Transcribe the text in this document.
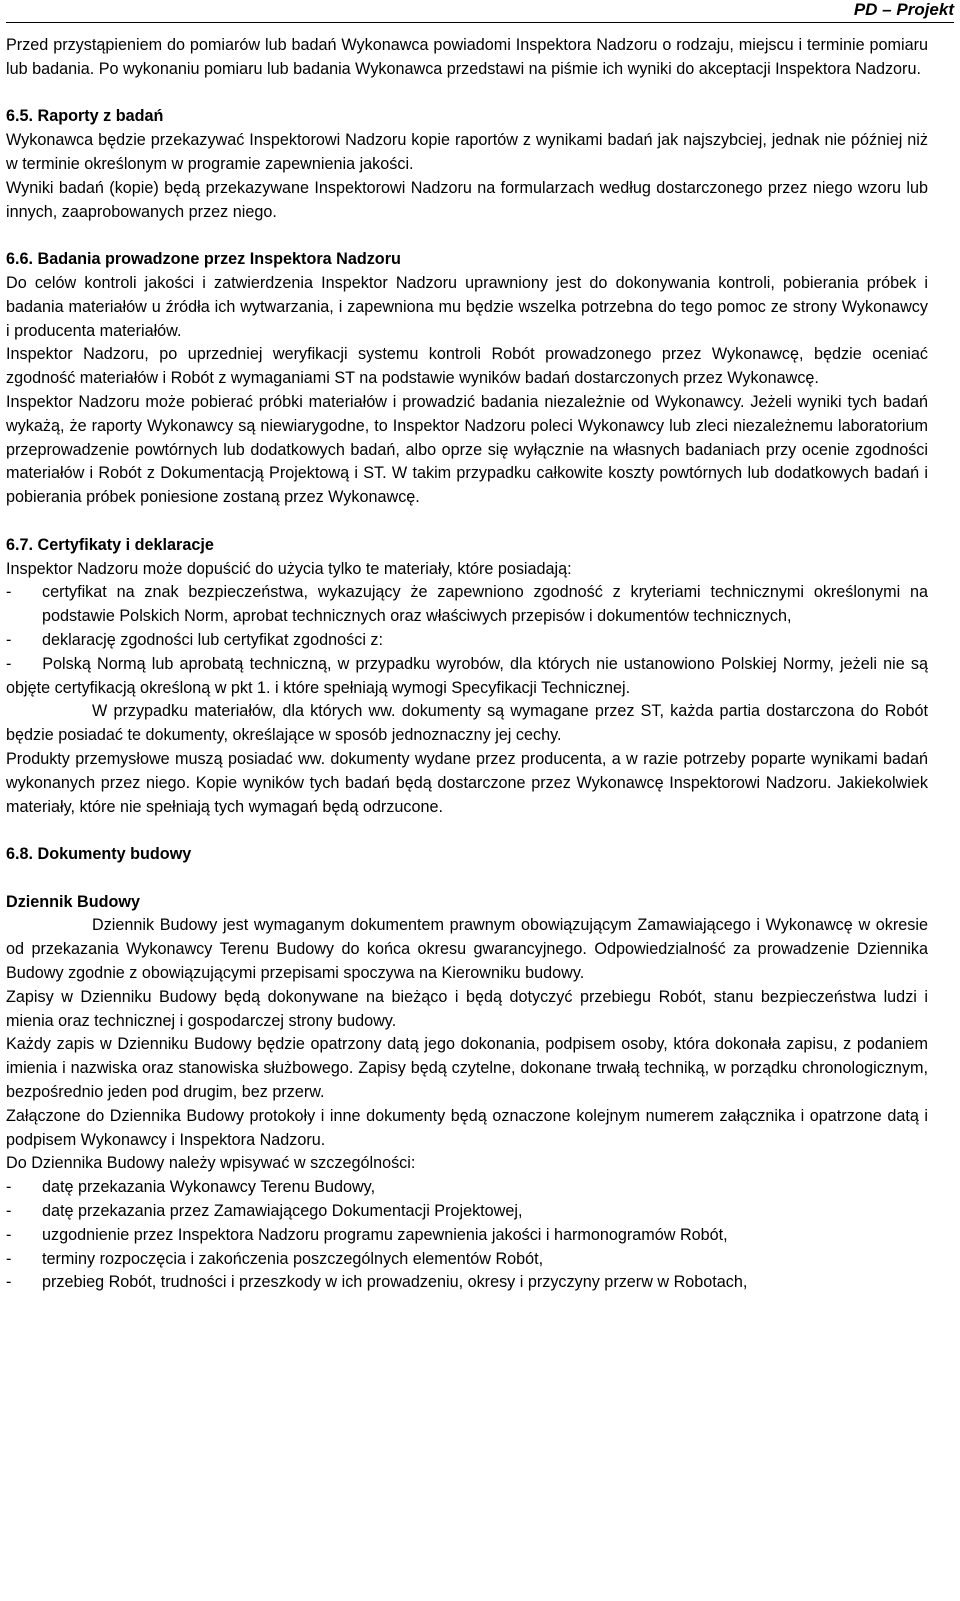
PD – Projekt

Przed przystąpieniem do pomiarów lub badań Wykonawca powiadomi Inspektora Nadzoru o rodzaju, miejscu i terminie pomiaru lub badania. Po wykonaniu pomiaru lub badania Wykonawca przedstawi na piśmie ich wyniki do akceptacji Inspektora Nadzoru.

6.5. Raporty z badań

Wykonawca będzie przekazywać Inspektorowi Nadzoru kopie raportów z wynikami badań jak najszybciej, jednak nie później niż w terminie określonym w programie zapewnienia jakości.

Wyniki badań (kopie) będą przekazywane Inspektorowi Nadzoru na formularzach według dostarczonego przez niego wzoru lub innych, zaaprobowanych przez niego.

6.6. Badania prowadzone przez Inspektora Nadzoru

Do celów kontroli jakości i zatwierdzenia Inspektor Nadzoru uprawniony jest do dokonywania kontroli, pobierania próbek i badania materiałów u źródła ich wytwarzania, i zapewniona mu będzie wszelka potrzebna do tego pomoc ze strony Wykonawcy i producenta materiałów.

Inspektor Nadzoru, po uprzedniej weryfikacji systemu kontroli Robót prowadzonego przez Wykonawcę, będzie oceniać zgodność materiałów i Robót z wymaganiami ST na podstawie wyników badań dostarczonych przez Wykonawcę.

Inspektor Nadzoru może pobierać próbki materiałów i prowadzić badania niezależnie od Wykonawcy. Jeżeli wyniki tych badań wykażą, że raporty Wykonawcy są niewiarygodne, to Inspektor Nadzoru poleci Wykonawcy lub zleci niezależnemu laboratorium przeprowadzenie powtórnych lub dodatkowych badań, albo oprze się wyłącznie na własnych badaniach przy ocenie zgodności materiałów i Robót z Dokumentacją Projektową i ST. W takim przypadku całkowite koszty powtórnych lub dodatkowych badań i pobierania próbek poniesione zostaną przez Wykonawcę.

6.7. Certyfikaty i deklaracje

Inspektor Nadzoru może dopuścić do użycia tylko te materiały, które posiadają:

-	certyfikat na znak bezpieczeństwa, wykazujący że zapewniono zgodność z kryteriami technicznymi określonymi na podstawie Polskich Norm, aprobat technicznych oraz właściwych przepisów i dokumentów technicznych,
-	deklarację zgodności lub certyfikat zgodności z:

-     Polską Normą lub aprobatą techniczną, w przypadku wyrobów, dla których nie ustanowiono Polskiej Normy, jeżeli nie są objęte certyfikacją określoną w pkt 1. i które spełniają wymogi Specyfikacji Technicznej.

W przypadku materiałów, dla których ww. dokumenty są wymagane przez ST, każda partia dostarczona do Robót będzie posiadać te dokumenty, określające w sposób jednoznaczny jej cechy.

Produkty przemysłowe muszą posiadać ww. dokumenty wydane przez producenta, a w razie potrzeby poparte wynikami badań wykonanych przez niego. Kopie wyników tych badań będą dostarczone przez Wykonawcę Inspektorowi Nadzoru. Jakiekolwiek materiały, które nie spełniają tych wymagań będą odrzucone.

6.8. Dokumenty budowy
Dziennik Budowy

Dziennik Budowy jest wymaganym dokumentem prawnym obowiązującym Zamawiającego i Wykonawcę w okresie od przekazania Wykonawcy Terenu Budowy do końca okresu gwarancyjnego. Odpowiedzialność za prowadzenie Dziennika Budowy zgodnie z obowiązującymi przepisami spoczywa na Kierowniku budowy.

Zapisy w Dzienniku Budowy będą dokonywane na bieżąco i będą dotyczyć przebiegu Robót, stanu bezpieczeństwa ludzi i mienia oraz technicznej i gospodarczej strony budowy.

Każdy zapis w Dzienniku Budowy będzie opatrzony datą jego dokonania, podpisem osoby, która dokonała zapisu, z podaniem imienia i nazwiska oraz stanowiska służbowego. Zapisy będą czytelne, dokonane trwałą techniką, w porządku chronologicznym, bezpośrednio jeden pod drugim, bez przerw.

Załączone do Dziennika Budowy protokoły i inne dokumenty będą oznaczone kolejnym numerem załącznika i opatrzone datą i podpisem Wykonawcy i Inspektora Nadzoru.

Do Dziennika Budowy należy wpisywać w szczególności:

-	datę przekazania Wykonawcy Terenu Budowy,
-	datę przekazania przez Zamawiającego Dokumentacji Projektowej,
-	uzgodnienie przez Inspektora Nadzoru programu zapewnienia jakości i harmonogramów Robót,
-	terminy rozpoczęcia i zakończenia poszczególnych elementów Robót,

- przebieg Robót, trudności i przeszkody w ich prowadzeniu, okresy i przyczyny przerw w Robotach,
